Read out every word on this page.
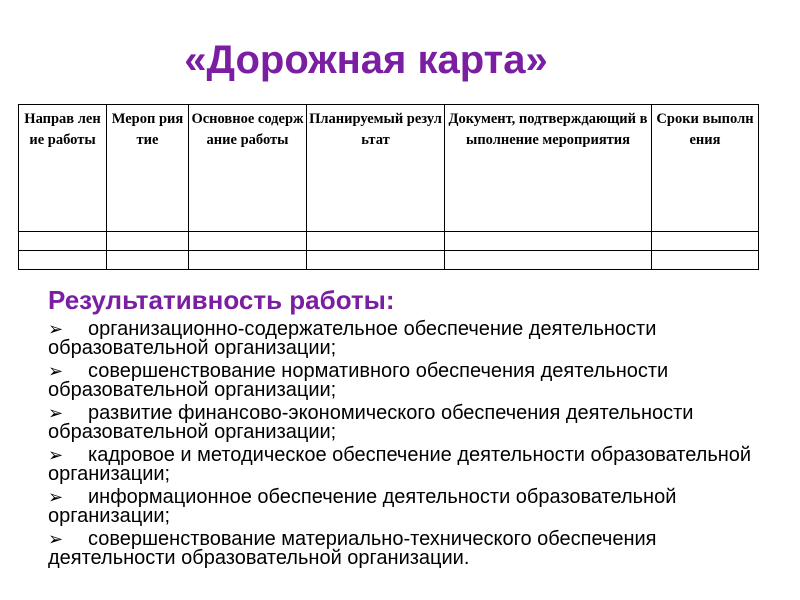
«Дорожная карта»
Направ ление работы	Мероп риятие	Основное содержание работы	Планируемый результат	Документ, подтверждающий выполнение мероприятия	Сроки выполнения

Результативность работы:
➢ организационно-содержательное обеспечение деятельности образовательной организации;
➢ совершенствование нормативного обеспечения деятельности образовательной организации;
➢ развитие финансово-экономического обеспечения деятельности образовательной организации;
➢ кадровое и методическое обеспечение деятельности образовательной организации;
➢ информационное обеспечение деятельности образовательной организации;
➢ совершенствование материально-технического обеспечения деятельности образовательной организации.
